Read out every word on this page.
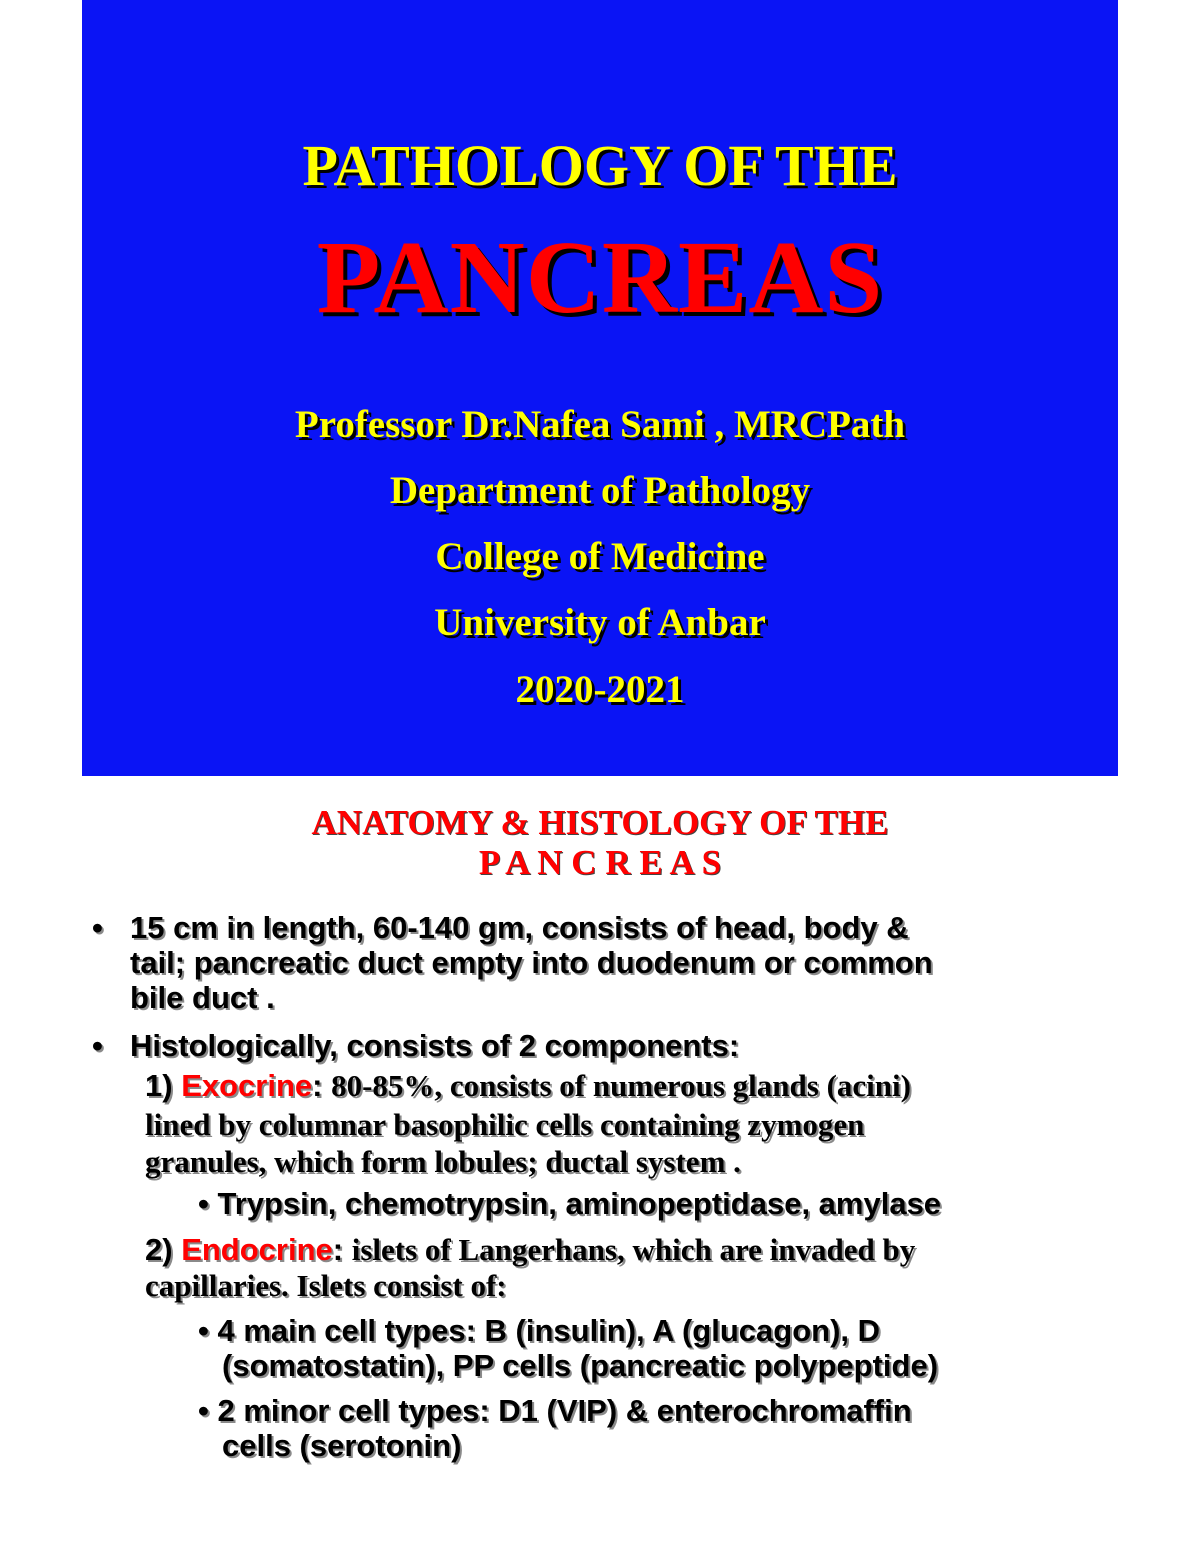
PATHOLOGY OF THE
PANCREAS
Professor Dr.Nafea Sami , MRCPath
Department of Pathology
College of Medicine
University of Anbar
2020-2021
ANATOMY & HISTOLOGY OF THE
P A N C R E A S
• 15 cm in length, 60-140 gm, consists of head, body &
tail; pancreatic duct empty into duodenum or common
bile duct .
• Histologically, consists of 2 components:
1) Exocrine: 80-85%, consists of numerous glands (acini)
lined by columnar basophilic cells containing zymogen
granules, which form lobules; ductal system .
• Trypsin, chemotrypsin, aminopeptidase, amylase
2) Endocrine: islets of Langerhans, which are invaded by
capillaries. Islets consist of:
• 4 main cell types: B (insulin), A (glucagon), D
(somatostatin), PP cells (pancreatic polypeptide)
• 2 minor cell types: D1 (VIP) & enterochromaffin
cells (serotonin)
